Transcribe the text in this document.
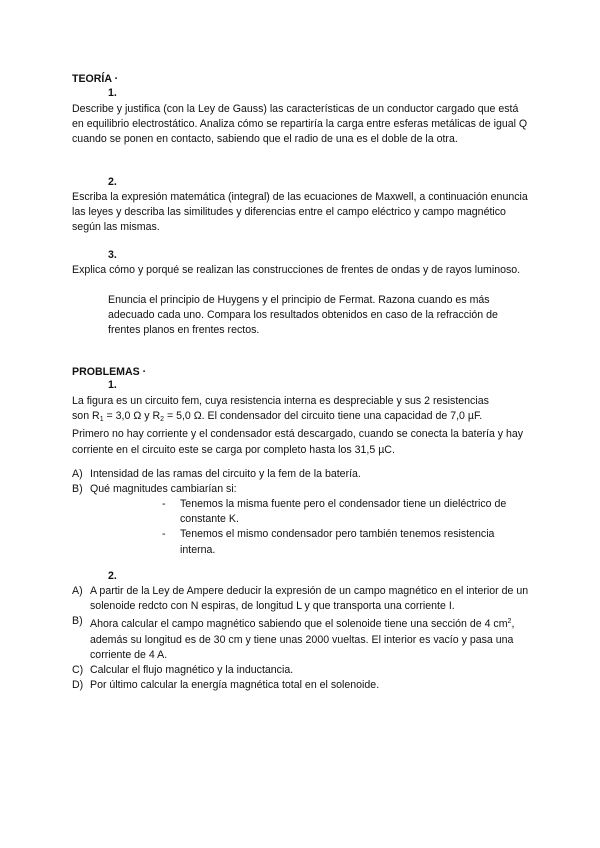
TEORÍA ·
1.
Describe y justifica (con la Ley de Gauss) las características de un conductor cargado que está en equilibrio electrostático. Analiza cómo se repartiría la carga entre esferas metálicas de igual Q cuando se ponen en contacto, sabiendo que el radio de una es el doble de la otra.
2.
Escriba la expresión matemática (integral) de las ecuaciones de Maxwell, a continuación enuncia las leyes y describa las similitudes y diferencias entre el campo eléctrico y campo magnético según las mismas.
3.
Explica cómo y porqué se realizan las construcciones de frentes de ondas y de rayos luminoso.
Enuncia el principio de Huygens y el principio de Fermat. Razona cuando es más adecuado cada uno. Compara los resultados obtenidos en caso de la refracción de frentes planos en frentes rectos.
PROBLEMAS ·
1.
La figura es un circuito fem, cuya resistencia interna es despreciable y sus 2 resistencias
son $R_1 = 3,0$ Ω y $R_2 = 5,0$ Ω. El condensador del circuito tiene una capacidad de 7,0 µF.
Primero no hay corriente y el condensador está descargado, cuando se conecta la batería y hay corriente en el circuito este se carga por completo hasta los 31,5 µC.
A) Intensidad de las ramas del circuito y la fem de la batería.
B) Qué magnitudes cambiarían si:
- Tenemos la misma fuente pero el condensador tiene un dieléctrico de constante K.
- Tenemos el mismo condensador pero también tenemos resistencia interna.
2.
A) A partir de la Ley de Ampere deducir la expresión de un campo magnético en el interior de un solenoide redcto con N espiras, de longitud L y que transporta una corriente I.
B) Ahora calcular el campo magnético sabiendo que el solenoide tiene una sección de 4 $cm^2$, además su longitud es de 30 cm y tiene unas 2000 vueltas. El interior es vacío y pasa una corriente de 4 A.
C) Calcular el flujo magnético y la inductancia.
D) Por último calcular la energía magnética total en el solenoide.
